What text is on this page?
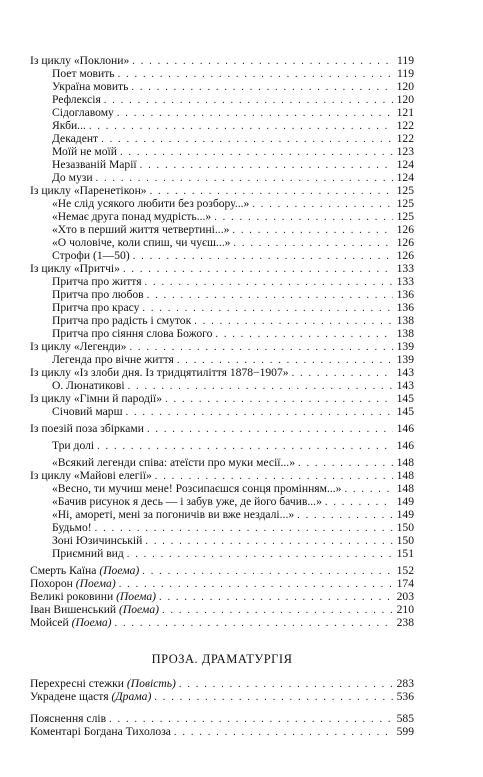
Із циклу «Поклони» . . .	119
Поет мовить . . .	119
Україна мовить . . .	120
Рефлексія . . .	120
Сідоглавому . . .	121
Якби... . . .	122
Декадент . . .	122
Моїй не моїй . . .	123
Незазваній Марії . . .	124
До музи . . .	124
Із циклу «Паренетікон» . . .	125
«Не слід усякого любити без розбору...» . . .	125
«Немає друга понад мудрість...» . . .	125
«Хто в перший життя четвертині...» . . .	126
«О чоловіче, коли спиш, чи чуєш...» . . .	126
Строфи (1—50) . . .	126
Із циклу «Притчі» . . .	133
Притча про життя . . .	133
Притча про любов . . .	136
Притча про красу . . .	136
Притча про радість і смуток . . .	138
Притча про сіяння слова Божого . . .	138
Із циклу «Легенди» . . .	139
Легенда про вічне життя . . .	139
Із циклу «Із злоби дня. Із тридцятиліття 1878−1907» . . .	143
О. Люнатикові . . .	143
Із циклу «Гімни й пародії» . . .	145
Січовий марш . . .	145
Із поезій поза збірками . . .	146
Три долі . . .	146
«Всякий легенди співа: атеїсти про муки месії...» . . .	148
Із циклу «Майові елегії» . . .	148
«Весно, ти мучиш мене! Розсипаєшся сонця промінням...» . . .	148
«Бачив рисунок я десь — і забув уже, де його бачив...» . . .	149
«Ні, амореті, мені за погоничів ви вже нездалі...» . . .	149
Будьмо! . . .	150
Зоні Юзичинській . . .	150
Приємний вид . . .	151
Смерть Каїна (Поема) . . .	152
Похорон (Поема) . . .	174
Великі роковини (Поема) . . .	203
Іван Вишенський (Поема) . . .	210
Мойсей (Поема) . . .	238
ПРОЗА. ДРАМАТУРГІЯ
Перехресні стежки (Повість) . . .	283
Украдене щастя (Драма) . . .	536
Пояснення слів . . .	585
Коментарі Богдана Тихолоза . . .	599
